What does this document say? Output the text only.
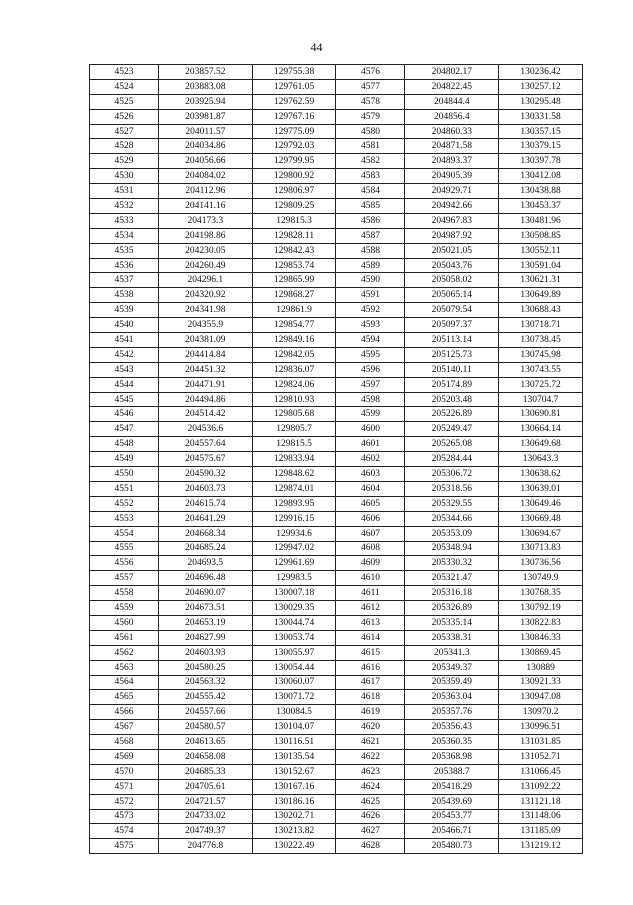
44
4523	203857.52	129755.38	4576	204802.17	130236.42
4524	203883.08	129761.05	4577	204822.45	130257.12
4525	203925.94	129762.59	4578	204844.4	130295.48
4526	203981.87	129767.16	4579	204856.4	130331.58
4527	204011.57	129775.09	4580	204860.33	130357.15
4528	204034.86	129792.03	4581	204871.58	130379.15
4529	204056.66	129799.95	4582	204893.37	130397.78
4530	204084.02	129800.92	4583	204905.39	130412.08
4531	204112.96	129806.97	4584	204929.71	130438.88
4532	204141.16	129809.25	4585	204942.66	130453.37
4533	204173.3	129815.3	4586	204967.83	130481.96
4534	204198.86	129828.11	4587	204987.92	130508.85
4535	204230.05	129842.43	4588	205021.05	130552.11
4536	204260.49	129853.74	4589	205043.76	130591.04
4537	204296.1	129865.99	4590	205058.02	130621.31
4538	204320.92	129868.27	4591	205065.14	130649.89
4539	204341.98	129861.9	4592	205079.54	130688.43
4540	204355.9	129854.77	4593	205097.37	130718.71
4541	204381.09	129849.16	4594	205113.14	130738.45
4542	204414.84	129842.05	4595	205125.73	130745.98
4543	204451.32	129836.07	4596	205140.11	130743.55
4544	204471.91	129824.06	4597	205174.89	130725.72
4545	204494.86	129810.93	4598	205203.48	130704.7
4546	204514.42	129805.68	4599	205226.89	130690.81
4547	204536.6	129805.7	4600	205249.47	130664.14
4548	204557.64	129815.5	4601	205265.08	130649.68
4549	204575.67	129833.94	4602	205284.44	130643.3
4550	204590.32	129848.62	4603	205306.72	130638.62
4551	204603.73	129874.01	4604	205318.56	130639.01
4552	204615.74	129893.95	4605	205329.55	130649.46
4553	204641.29	129916.15	4606	205344.66	130669.48
4554	204668.34	129934.6	4607	205353.09	130694.67
4555	204685.24	129947.02	4608	205348.94	130713.83
4556	204693.5	129961.69	4609	205330.32	130736.56
4557	204696.48	129983.5	4610	205321.47	130749.9
4558	204690.07	130007.18	4611	205316.18	130768.35
4559	204673.51	130029.35	4612	205326.89	130792.19
4560	204653.19	130044.74	4613	205335.14	130822.83
4561	204627.99	130053.74	4614	205338.31	130846.33
4562	204603.93	130055.97	4615	205341.3	130869.45
4563	204580.25	130054.44	4616	205349.37	130889
4564	204563.32	130060.07	4617	205359.49	130921.33
4565	204555.42	130071.72	4618	205363.04	130947.08
4566	204557.66	130084.5	4619	205357.76	130970.2
4567	204580.57	130104.07	4620	205356.43	130996.51
4568	204613.65	130116.51	4621	205360.35	131031.85
4569	204658.08	130135.54	4622	205368.98	131052.71
4570	204685.33	130152.67	4623	205388.7	131066.45
4571	204705.61	130167.16	4624	205418.29	131092.22
4572	204721.57	130186.16	4625	205439.69	131121.18
4573	204733.02	130202.71	4626	205453.77	131148.06
4574	204749.37	130213.82	4627	205466.71	131185.09
4575	204776.8	130222.49	4628	205480.73	131219.12
